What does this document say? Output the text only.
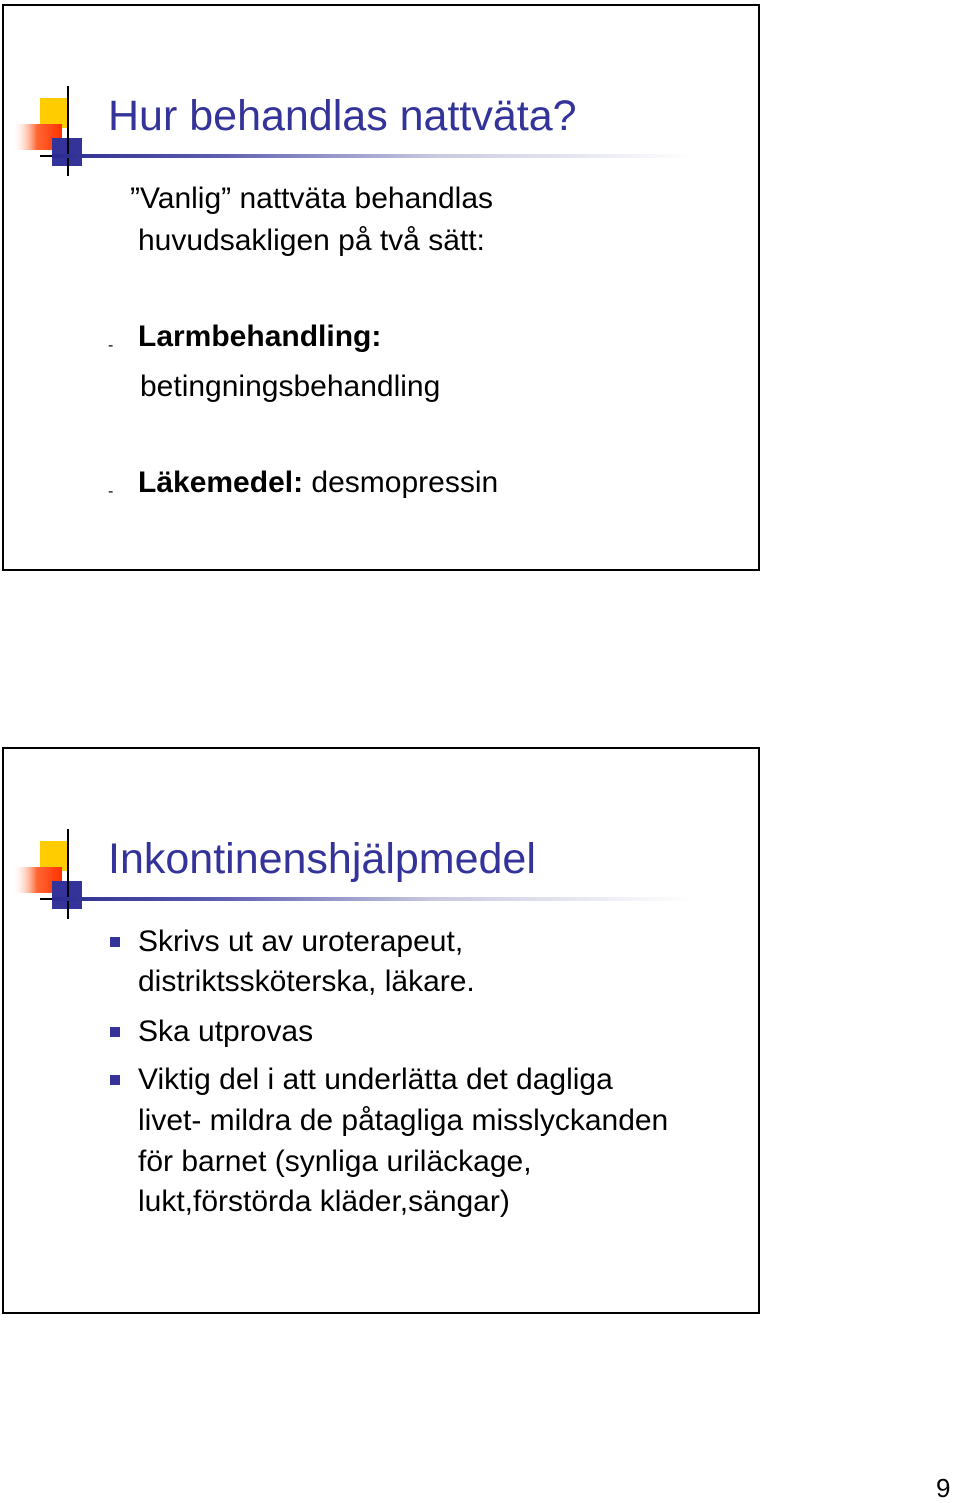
Hur behandlas nattväta?

”Vanlig” nattväta behandlas

huvudsakligen på två sätt:

- Larmbehandling:

betingningsbehandling

- Läkemedel: desmopressin

Inkontinenshjälpmedel

Skrivs ut av uroterapeut,

distriktssköterska, läkare.

Ska utprovas

Viktig del i att underlätta det dagliga

livet- mildra de påtagliga misslyckanden

för barnet (synliga uriläckage,

lukt,förstörda kläder,sängar)

9
